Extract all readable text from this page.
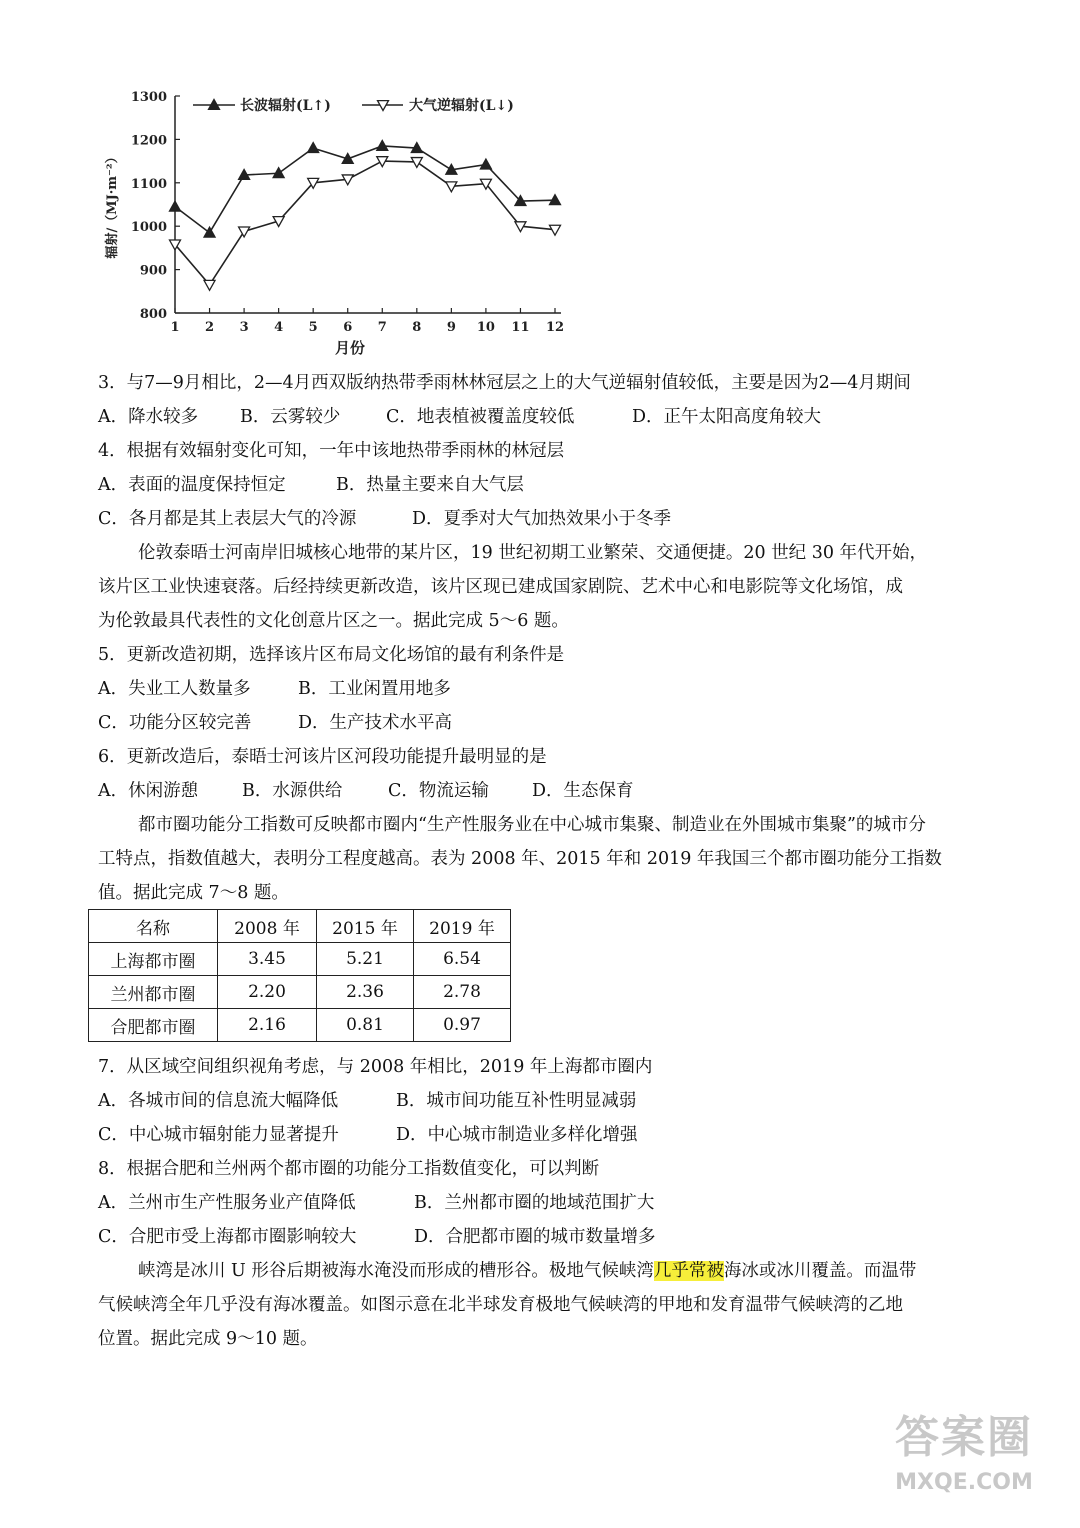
800
900
1000
1100
1200
1300
1 2 3 4 5 6 7 8 9 10 11 12
月份
辐射/（MJ·m⁻²）
长波辐射(L↑)	大气逆辐射(L↓)
3．与7—9月相比，2—4月西双版纳热带季雨林林冠层之上的大气逆辐射值较低，主要是因为2—4月期间
A．降水较多 B．云雾较少	C．地表植被覆盖度较低	D．正午太阳高度角较大
4．根据有效辐射变化可知，一年中该地热带季雨林的林冠层
A．表面的温度保持恒定	B．热量主要来自大气层
C．各月都是其上表层大气的冷源	D．夏季对大气加热效果小于冬季
伦敦泰晤士河南岸旧城核心地带的某片区，19 世纪初期工业繁荣、交通便捷。20 世纪 30 年代开始，
该片区工业快速衰落。后经持续更新改造，该片区现已建成国家剧院、艺术中心和电影院等文化场馆，成
为伦敦最具代表性的文化创意片区之一。据此完成 5～6 题。
5．更新改造初期，选择该片区布局文化场馆的最有利条件是
A．失业工人数量多	B．工业闲置用地多
C．功能分区较完善	D．生产技术水平高
6．更新改造后，泰晤士河该片区河段功能提升最明显的是
A．休闲游憩	B．水源供给	C．物流运输 D．生态保育
都市圈功能分工指数可反映都市圈内“生产性服务业在中心城市集聚、制造业在外围城市集聚”的城市分
工特点，指数值越大，表明分工程度越高。表为 2008 年、2015 年和 2019 年我国三个都市圈功能分工指数
值。据此完成 7～8 题。
名称	2008 年	2015 年	2019 年
上海都市圈	3.45	5.21	6.54
兰州都市圈	2.20	2.36	2.78
合肥都市圈	2.16	0.81	0.97
7．从区域空间组织视角考虑，与 2008 年相比，2019 年上海都市圈内
A．各城市间的信息流大幅降低	B．城市间功能互补性明显减弱
C．中心城市辐射能力显著提升	D．中心城市制造业多样化增强
8．根据合肥和兰州两个都市圈的功能分工指数值变化，可以判断
A．兰州市生产性服务业产值降低	B．兰州都市圈的地域范围扩大
C．合肥市受上海都市圈影响较大	D．合肥都市圈的城市数量增多
峡湾是冰川 U 形谷后期被海水淹没而形成的槽形谷。极地气候峡湾几乎常被海冰或冰川覆盖。而温带
气候峡湾全年几乎没有海冰覆盖。如图示意在北半球发育极地气候峡湾的甲地和发育温带气候峡湾的乙地
位置。据此完成 9～10 题。
答案圈
MXQE.COM
